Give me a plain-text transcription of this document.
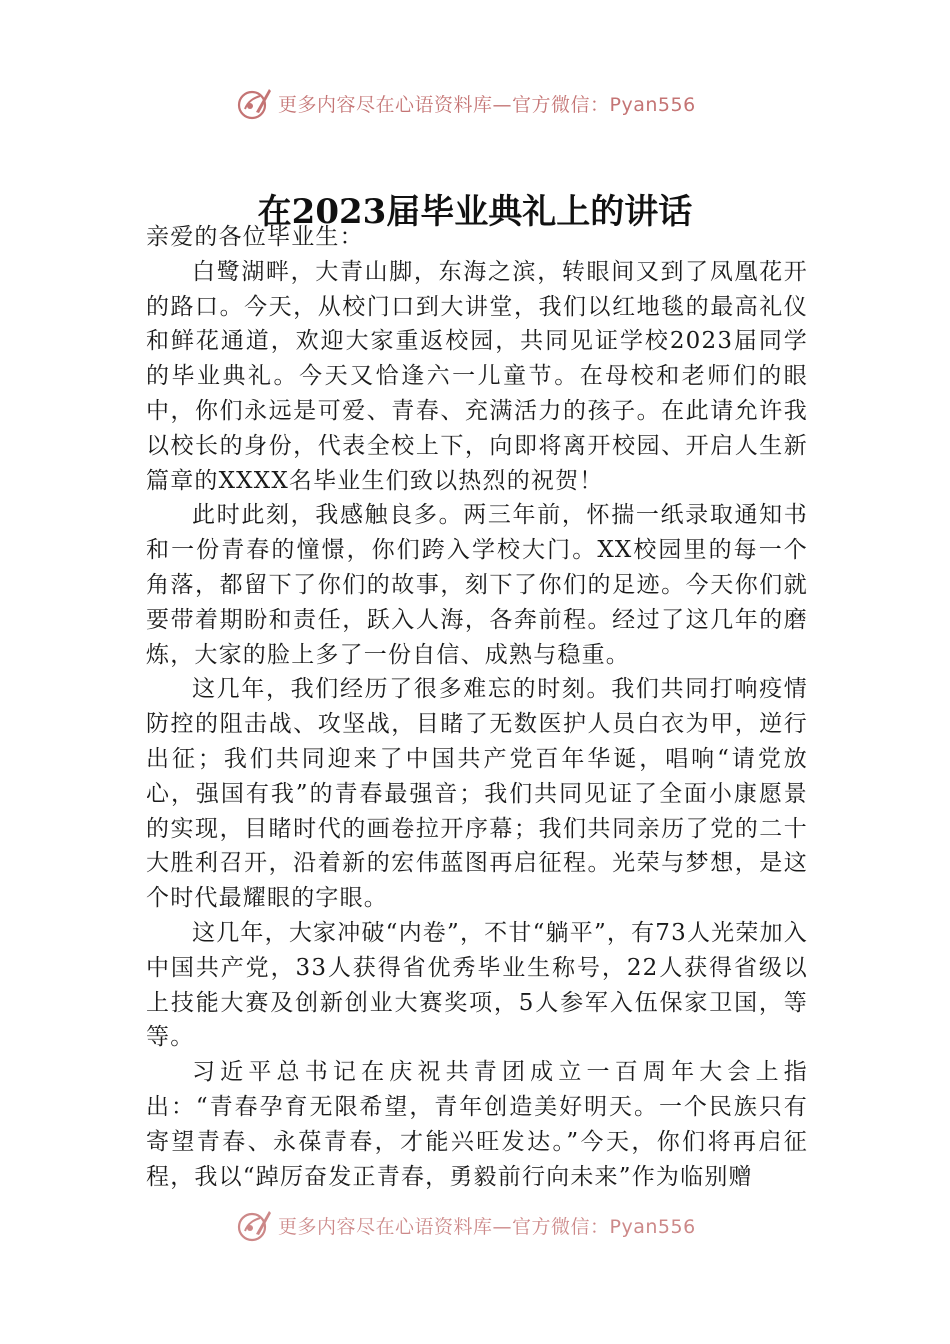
更多内容尽在心语资料库—官方微信：Pyan556
在2023届毕业典礼上的讲话

亲爱的各位毕业生：

白鹭湖畔，大青山脚，东海之滨，转眼间又到了凤凰花开的路口。今天，从校门口到大讲堂，我们以红地毯的最高礼仪和鲜花通道，欢迎大家重返校园，共同见证学校2023届同学的毕业典礼。今天又恰逢六一儿童节。在母校和老师们的眼中，你们永远是可爱、青春、充满活力的孩子。在此请允许我以校长的身份，代表全校上下，向即将离开校园、开启人生新篇章的XXXX名毕业生们致以热烈的祝贺！

此时此刻，我感触良多。两三年前，怀揣一纸录取通知书和一份青春的憧憬，你们跨入学校大门。XX校园里的每一个角落，都留下了你们的故事，刻下了你们的足迹。今天你们就要带着期盼和责任，跃入人海，各奔前程。经过了这几年的磨炼，大家的脸上多了一份自信、成熟与稳重。

这几年，我们经历了很多难忘的时刻。我们共同打响疫情防控的阻击战、攻坚战，目睹了无数医护人员白衣为甲，逆行出征；我们共同迎来了中国共产党百年华诞，唱响“请党放心，强国有我”的青春最强音；我们共同见证了全面小康愿景的实现，目睹时代的画卷拉开序幕；我们共同亲历了党的二十大胜利召开，沿着新的宏伟蓝图再启征程。光荣与梦想，是这个时代最耀眼的字眼。

这几年，大家冲破“内卷”，不甘“躺平”，有73人光荣加入中国共产党，33人获得省优秀毕业生称号，22人获得省级以上技能大赛及创新创业大赛奖项，5人参军入伍保家卫国，等等。

习近平总书记在庆祝共青团成立一百周年大会上指出：“青春孕育无限希望，青年创造美好明天。一个民族只有寄望青春、永葆青春，才能兴旺发达。”今天，你们将再启征程，我以“踔厉奋发正青春，勇毅前行向未来”作为临别赠

更多内容尽在心语资料库—官方微信：Pyan556
